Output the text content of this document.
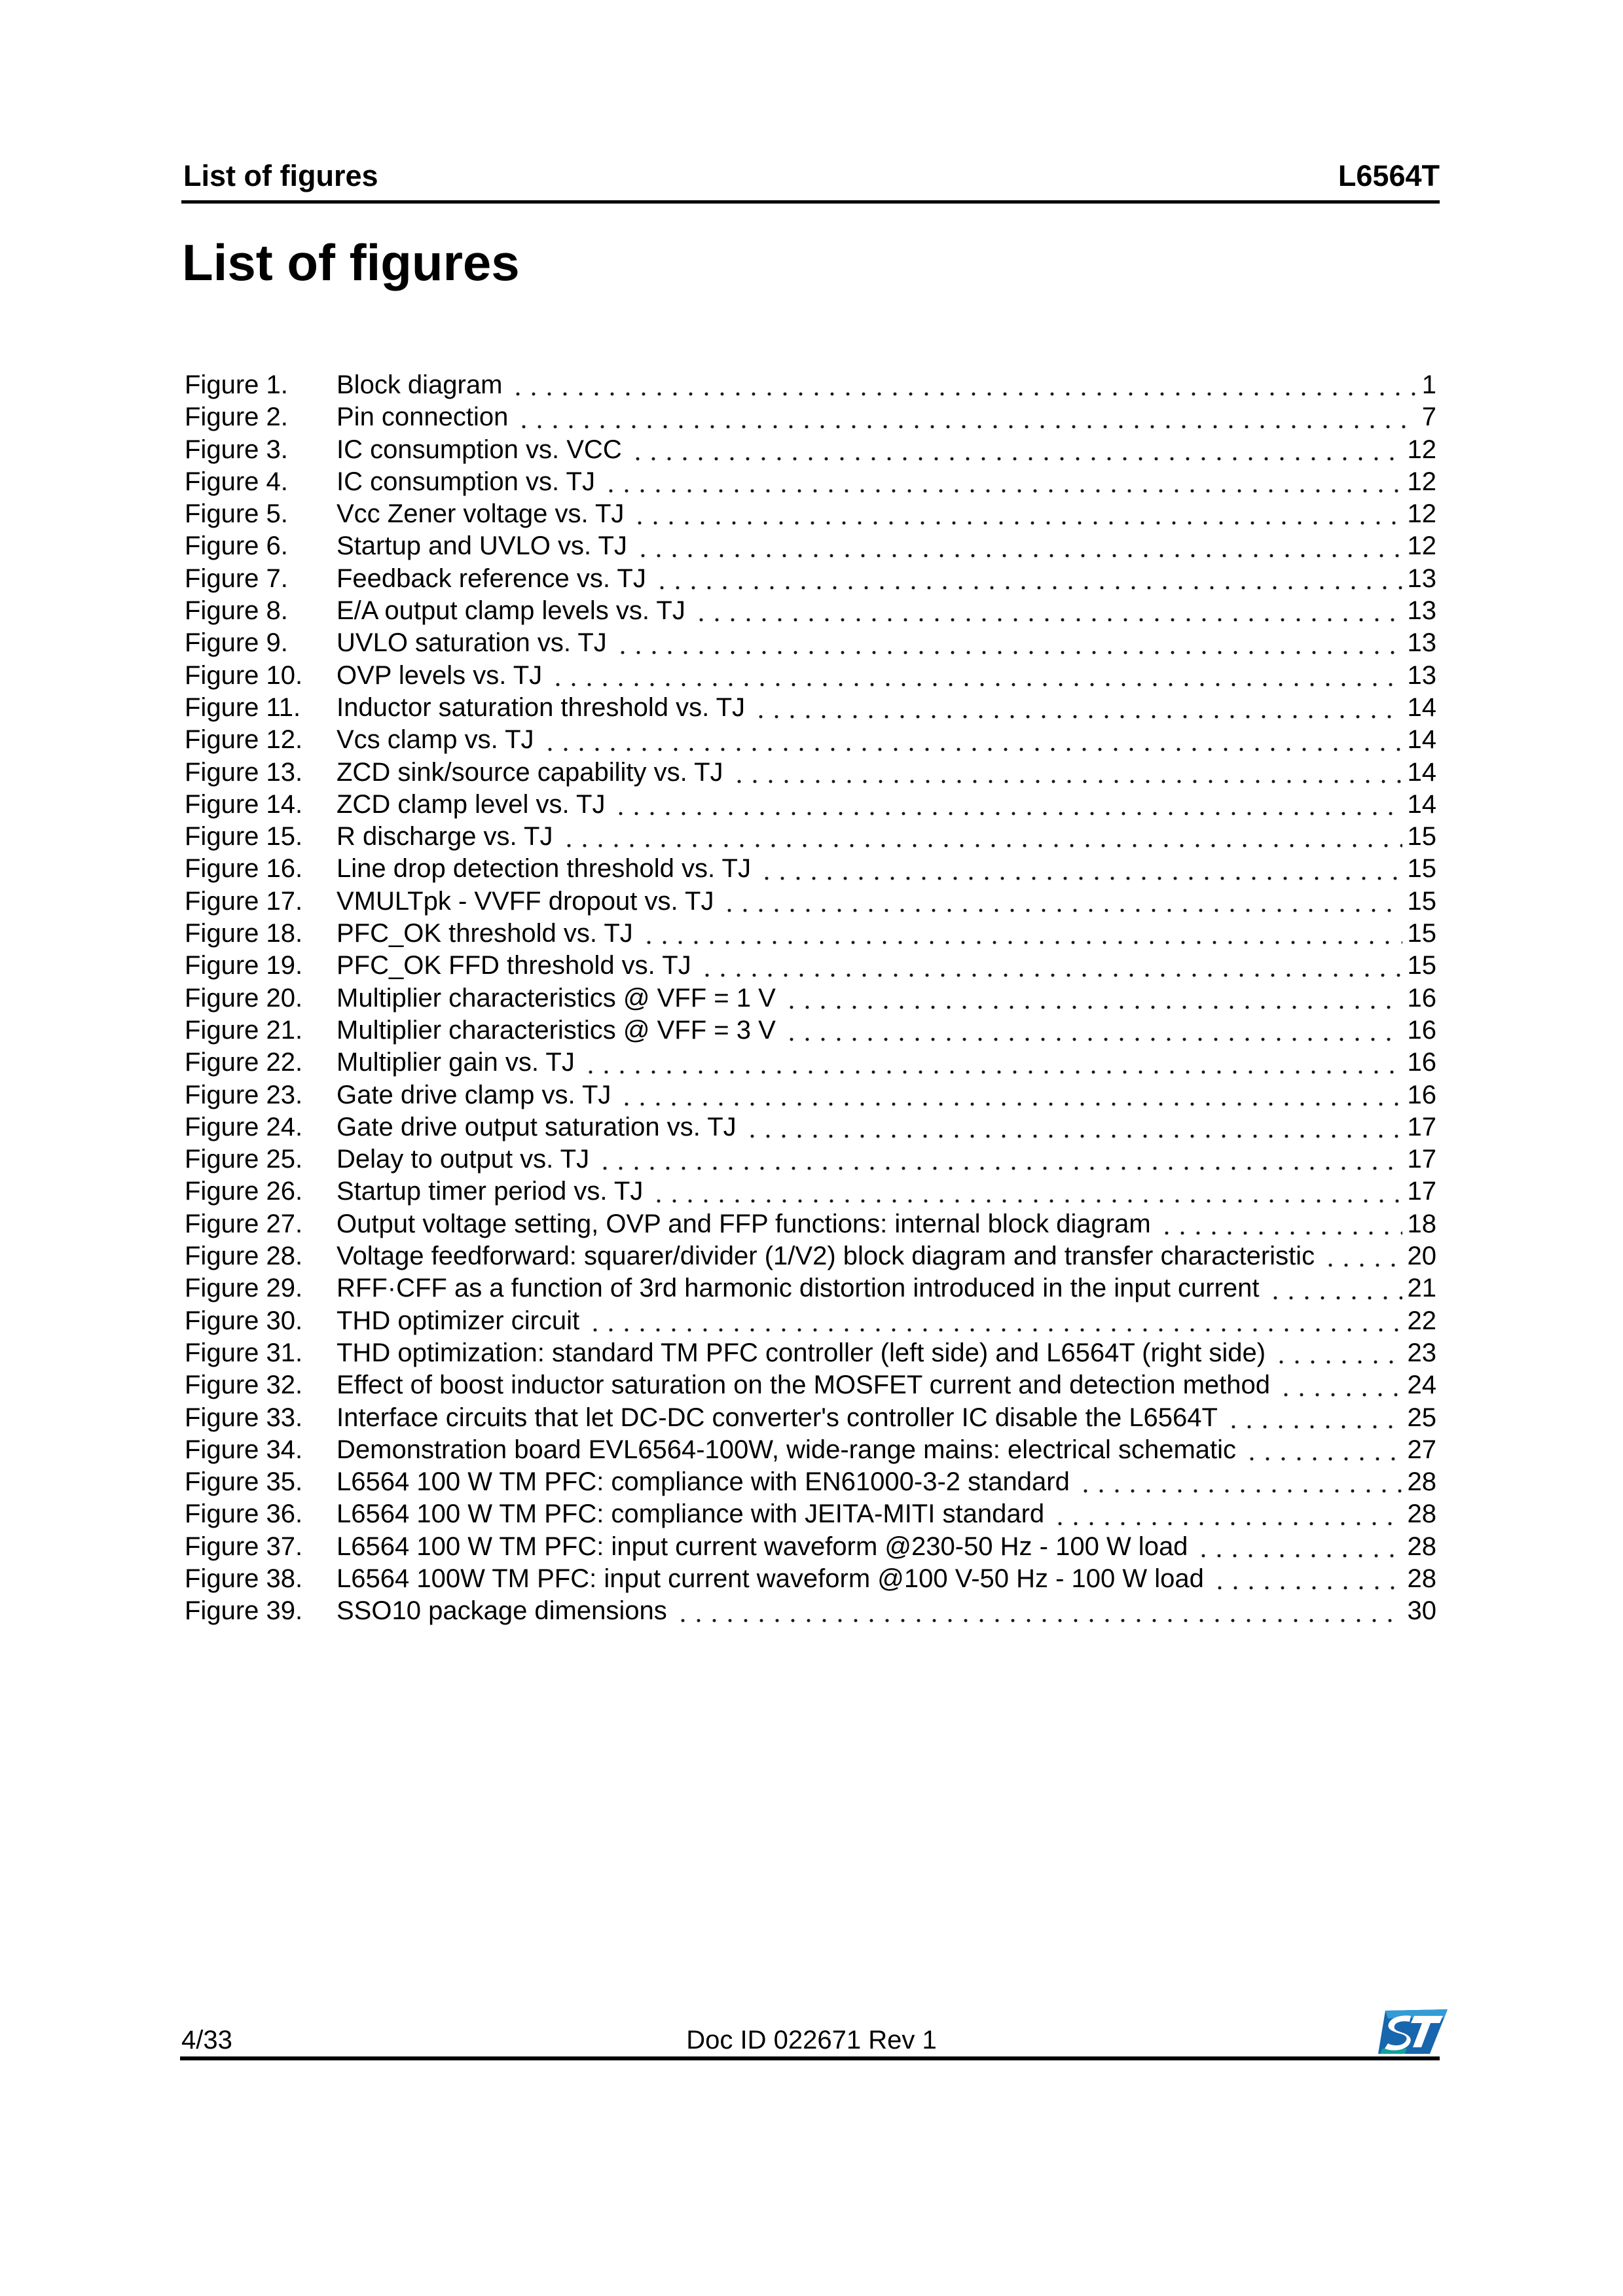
List of figures	L6564T
List of figures
Figure 1.	Block diagram	1
Figure 2.	Pin connection	7
Figure 3.	IC consumption vs. VCC	12
Figure 4.	IC consumption vs. TJ	12
Figure 5.	Vcc Zener voltage vs. TJ	12
Figure 6.	Startup and UVLO vs. TJ	12
Figure 7.	Feedback reference vs. TJ	13
Figure 8.	E/A output clamp levels vs. TJ	13
Figure 9.	UVLO saturation vs. TJ	13
Figure 10.	OVP levels vs. TJ	13
Figure 11.	Inductor saturation threshold vs. TJ	14
Figure 12.	Vcs clamp vs. TJ	14
Figure 13.	ZCD sink/source capability vs. TJ	14
Figure 14.	ZCD clamp level vs. TJ	14
Figure 15.	R discharge vs. TJ	15
Figure 16.	Line drop detection threshold vs. TJ	15
Figure 17.	VMULTpk - VVFF dropout vs. TJ	15
Figure 18.	PFC_OK threshold vs. TJ	15
Figure 19.	PFC_OK FFD threshold vs. TJ	15
Figure 20.	Multiplier characteristics @ VFF = 1 V	16
Figure 21.	Multiplier characteristics @ VFF = 3 V	16
Figure 22.	Multiplier gain vs. TJ	16
Figure 23.	Gate drive clamp vs. TJ	16
Figure 24.	Gate drive output saturation vs. TJ	17
Figure 25.	Delay to output vs. TJ	17
Figure 26.	Startup timer period vs. TJ	17
Figure 27.	Output voltage setting, OVP and FFP functions: internal block diagram	18
Figure 28.	Voltage feedforward: squarer/divider (1/V2) block diagram and transfer characteristic	20
Figure 29.	RFF·CFF as a function of 3rd harmonic distortion introduced in the input current	21
Figure 30.	THD optimizer circuit	22
Figure 31.	THD optimization: standard TM PFC controller (left side) and L6564T (right side)	23
Figure 32.	Effect of boost inductor saturation on the MOSFET current and detection method	24
Figure 33.	Interface circuits that let DC-DC converter's controller IC disable the L6564T	25
Figure 34.	Demonstration board EVL6564-100W, wide-range mains: electrical schematic	27
Figure 35.	L6564 100 W TM PFC: compliance with EN61000-3-2 standard	28
Figure 36.	L6564 100 W TM PFC: compliance with JEITA-MITI standard	28
Figure 37.	L6564 100 W TM PFC: input current waveform @230-50 Hz - 100 W load	28
Figure 38.	L6564 100W TM PFC: input current waveform @100 V-50 Hz - 100 W load	28
Figure 39.	SSO10 package dimensions	30
4/33	Doc ID 022671 Rev 1
